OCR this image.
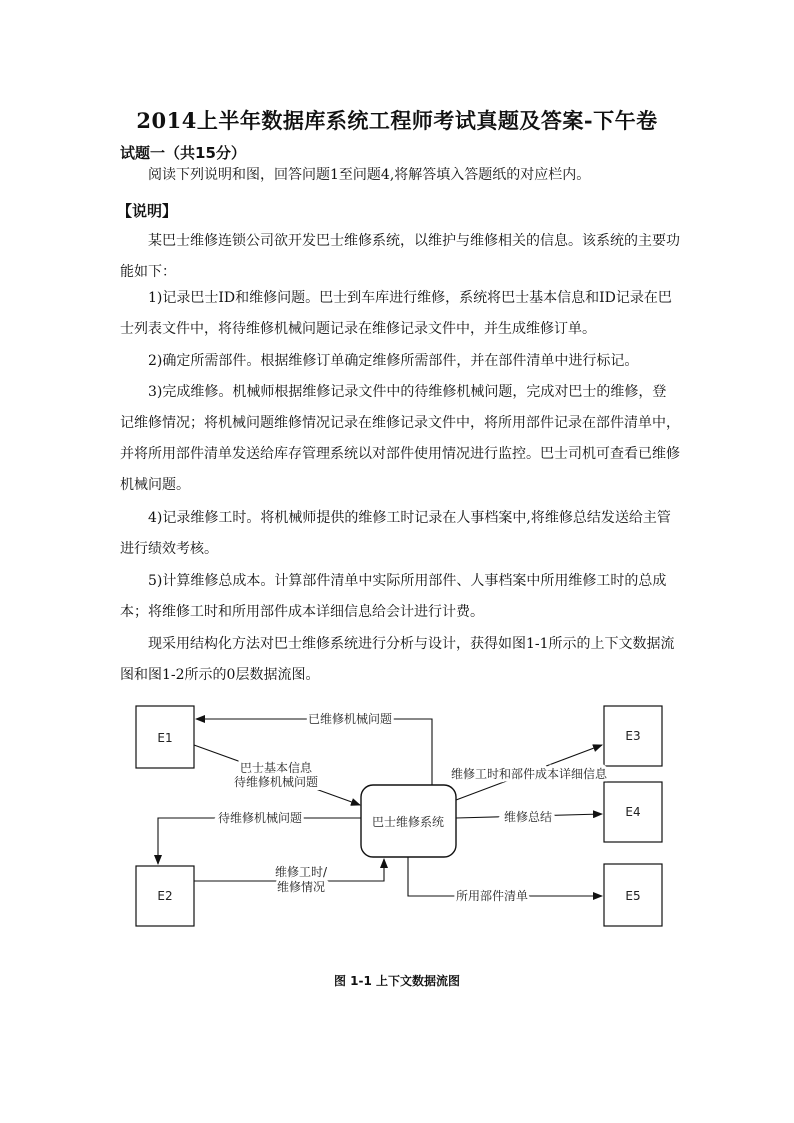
2014上半年数据库系统工程师考试真题及答案-下午卷
试题一（共15分）
阅读下列说明和图，回答问题1至问题4,将解答填入答题纸的对应栏内。
【说明】
某巴士维修连锁公司欲开发巴士维修系统，以维护与维修相关的信息。该系统的主要功能如下：
1)记录巴士ID和维修问题。巴士到车库进行维修，系统将巴士基本信息和ID记录在巴士列表文件中，将待维修机械问题记录在维修记录文件中，并生成维修订单。
2)确定所需部件。根据维修订单确定维修所需部件，并在部件清单中进行标记。
3)完成维修。机械师根据维修记录文件中的待维修机械问题，完成对巴士的维修，登记维修情况；将机械问题维修情况记录在维修记录文件中，将所用部件记录在部件清单中，并将所用部件清单发送给库存管理系统以对部件使用情况进行监控。巴士司机可查看已维修机械问题。
4)记录维修工时。将机械师提供的维修工时记录在人事档案中,将维修总结发送给主管进行绩效考核。
5)计算维修总成本。计算部件清单中实际所用部件、人事档案中所用维修工时的总成本；将维修工时和所用部件成本详细信息给会计进行计费。
现采用结构化方法对巴士维修系统进行分析与设计，获得如图1-1所示的上下文数据流图和图1-2所示的0层数据流图。
E1
E2
E3
E4
E5
巴士维修系统
已维修机械问题
巴士基本信息
待维修机械问题
待维修机械问题
维修工时/
维修情况
维修工时和部件成本详细信息
维修总结
所用部件清单
图 1-1 上下文数据流图
